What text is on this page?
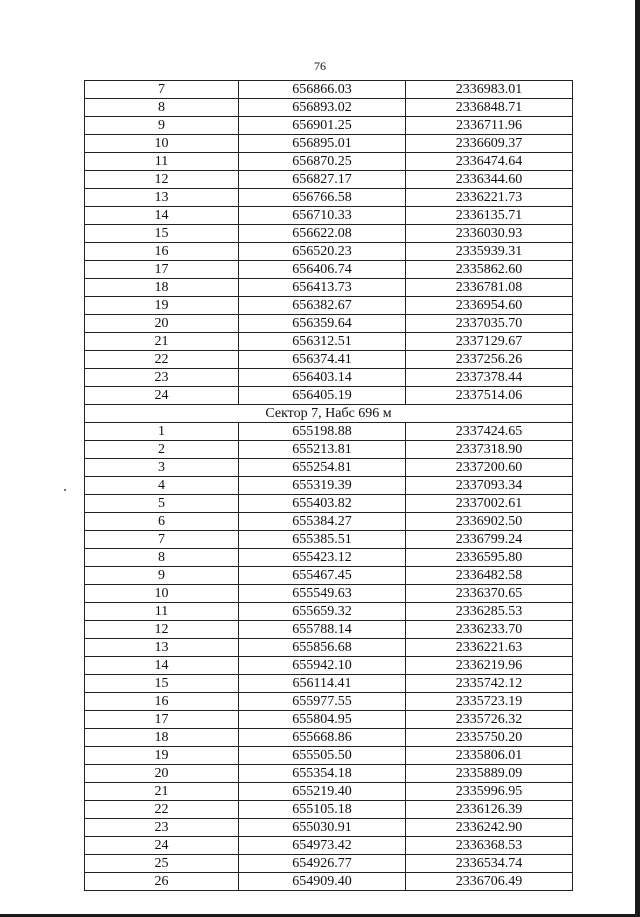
76
7	656866.03	2336983.01
8	656893.02	2336848.71
9	656901.25	2336711.96
10	656895.01	2336609.37
11	656870.25	2336474.64
12	656827.17	2336344.60
13	656766.58	2336221.73
14	656710.33	2336135.71
15	656622.08	2336030.93
16	656520.23	2335939.31
17	656406.74	2335862.60
18	656413.73	2336781.08
19	656382.67	2336954.60
20	656359.64	2337035.70
21	656312.51	2337129.67
22	656374.41	2337256.26
23	656403.14	2337378.44
24	656405.19	2337514.06
Сектор 7, Набс 696 м		
1	655198.88	2337424.65
2	655213.81	2337318.90
3	655254.81	2337200.60
4	655319.39	2337093.34
5	655403.82	2337002.61
6	655384.27	2336902.50
7	655385.51	2336799.24
8	655423.12	2336595.80
9	655467.45	2336482.58
10	655549.63	2336370.65
11	655659.32	2336285.53
12	655788.14	2336233.70
13	655856.68	2336221.63
14	655942.10	2336219.96
15	656114.41	2335742.12
16	655977.55	2335723.19
17	655804.95	2335726.32
18	655668.86	2335750.20
19	655505.50	2335806.01
20	655354.18	2335889.09
21	655219.40	2335996.95
22	655105.18	2336126.39
23	655030.91	2336242.90
24	654973.42	2336368.53
25	654926.77	2336534.74
26	654909.40	2336706.49
